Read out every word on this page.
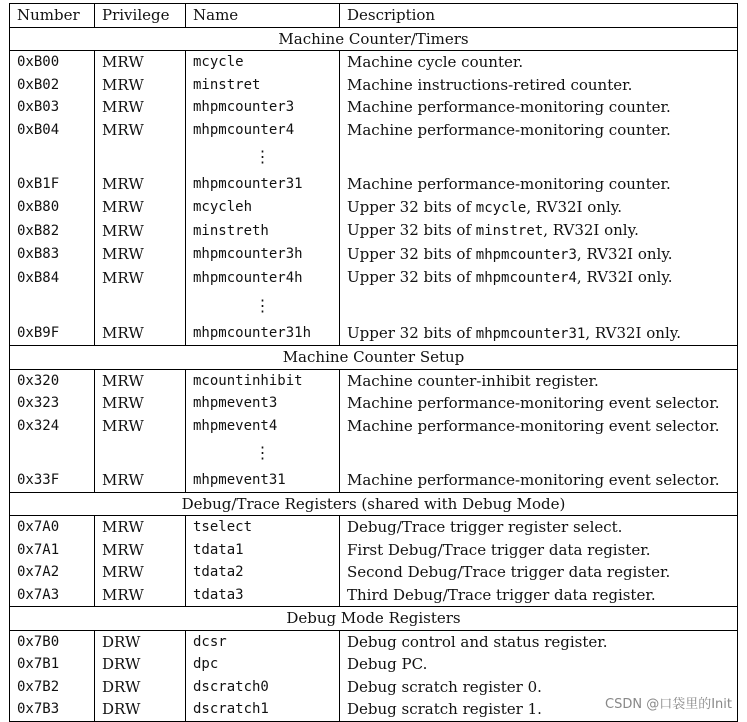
Number	Privilege	Name	Description
Machine Counter/Timers			
0xB00	MRW	mcycle	Machine cycle counter.
0xB02	MRW	minstret	Machine instructions-retired counter.
0xB03	MRW	mhpmcounter3	Machine performance-monitoring counter.
0xB04	MRW	mhpmcounter4	Machine performance-monitoring counter.
		⋮	
0xB1F	MRW	mhpmcounter31	Machine performance-monitoring counter.
0xB80	MRW	mcycleh	Upper 32 bits of mcycle, RV32I only.
0xB82	MRW	minstreth	Upper 32 bits of minstret, RV32I only.
0xB83	MRW	mhpmcounter3h	Upper 32 bits of mhpmcounter3, RV32I only.
0xB84	MRW	mhpmcounter4h	Upper 32 bits of mhpmcounter4, RV32I only.
		⋮	
0xB9F	MRW	mhpmcounter31h	Upper 32 bits of mhpmcounter31, RV32I only.
Machine Counter Setup			
0x320	MRW	mcountinhibit	Machine counter-inhibit register.
0x323	MRW	mhpmevent3	Machine performance-monitoring event selector.
0x324	MRW	mhpmevent4	Machine performance-monitoring event selector.
		⋮	
0x33F	MRW	mhpmevent31	Machine performance-monitoring event selector.
Debug/Trace Registers (shared with Debug Mode)			
0x7A0	MRW	tselect	Debug/Trace trigger register select.
0x7A1	MRW	tdata1	First Debug/Trace trigger data register.
0x7A2	MRW	tdata2	Second Debug/Trace trigger data register.
0x7A3	MRW	tdata3	Third Debug/Trace trigger data register.
Debug Mode Registers			
0x7B0	DRW	dcsr	Debug control and status register.
0x7B1	DRW	dpc	Debug PC.
0x7B2	DRW	dscratch0	Debug scratch register 0.
0x7B3	DRW	dscratch1	Debug scratch register 1.	CSDN @口袋里的Init
